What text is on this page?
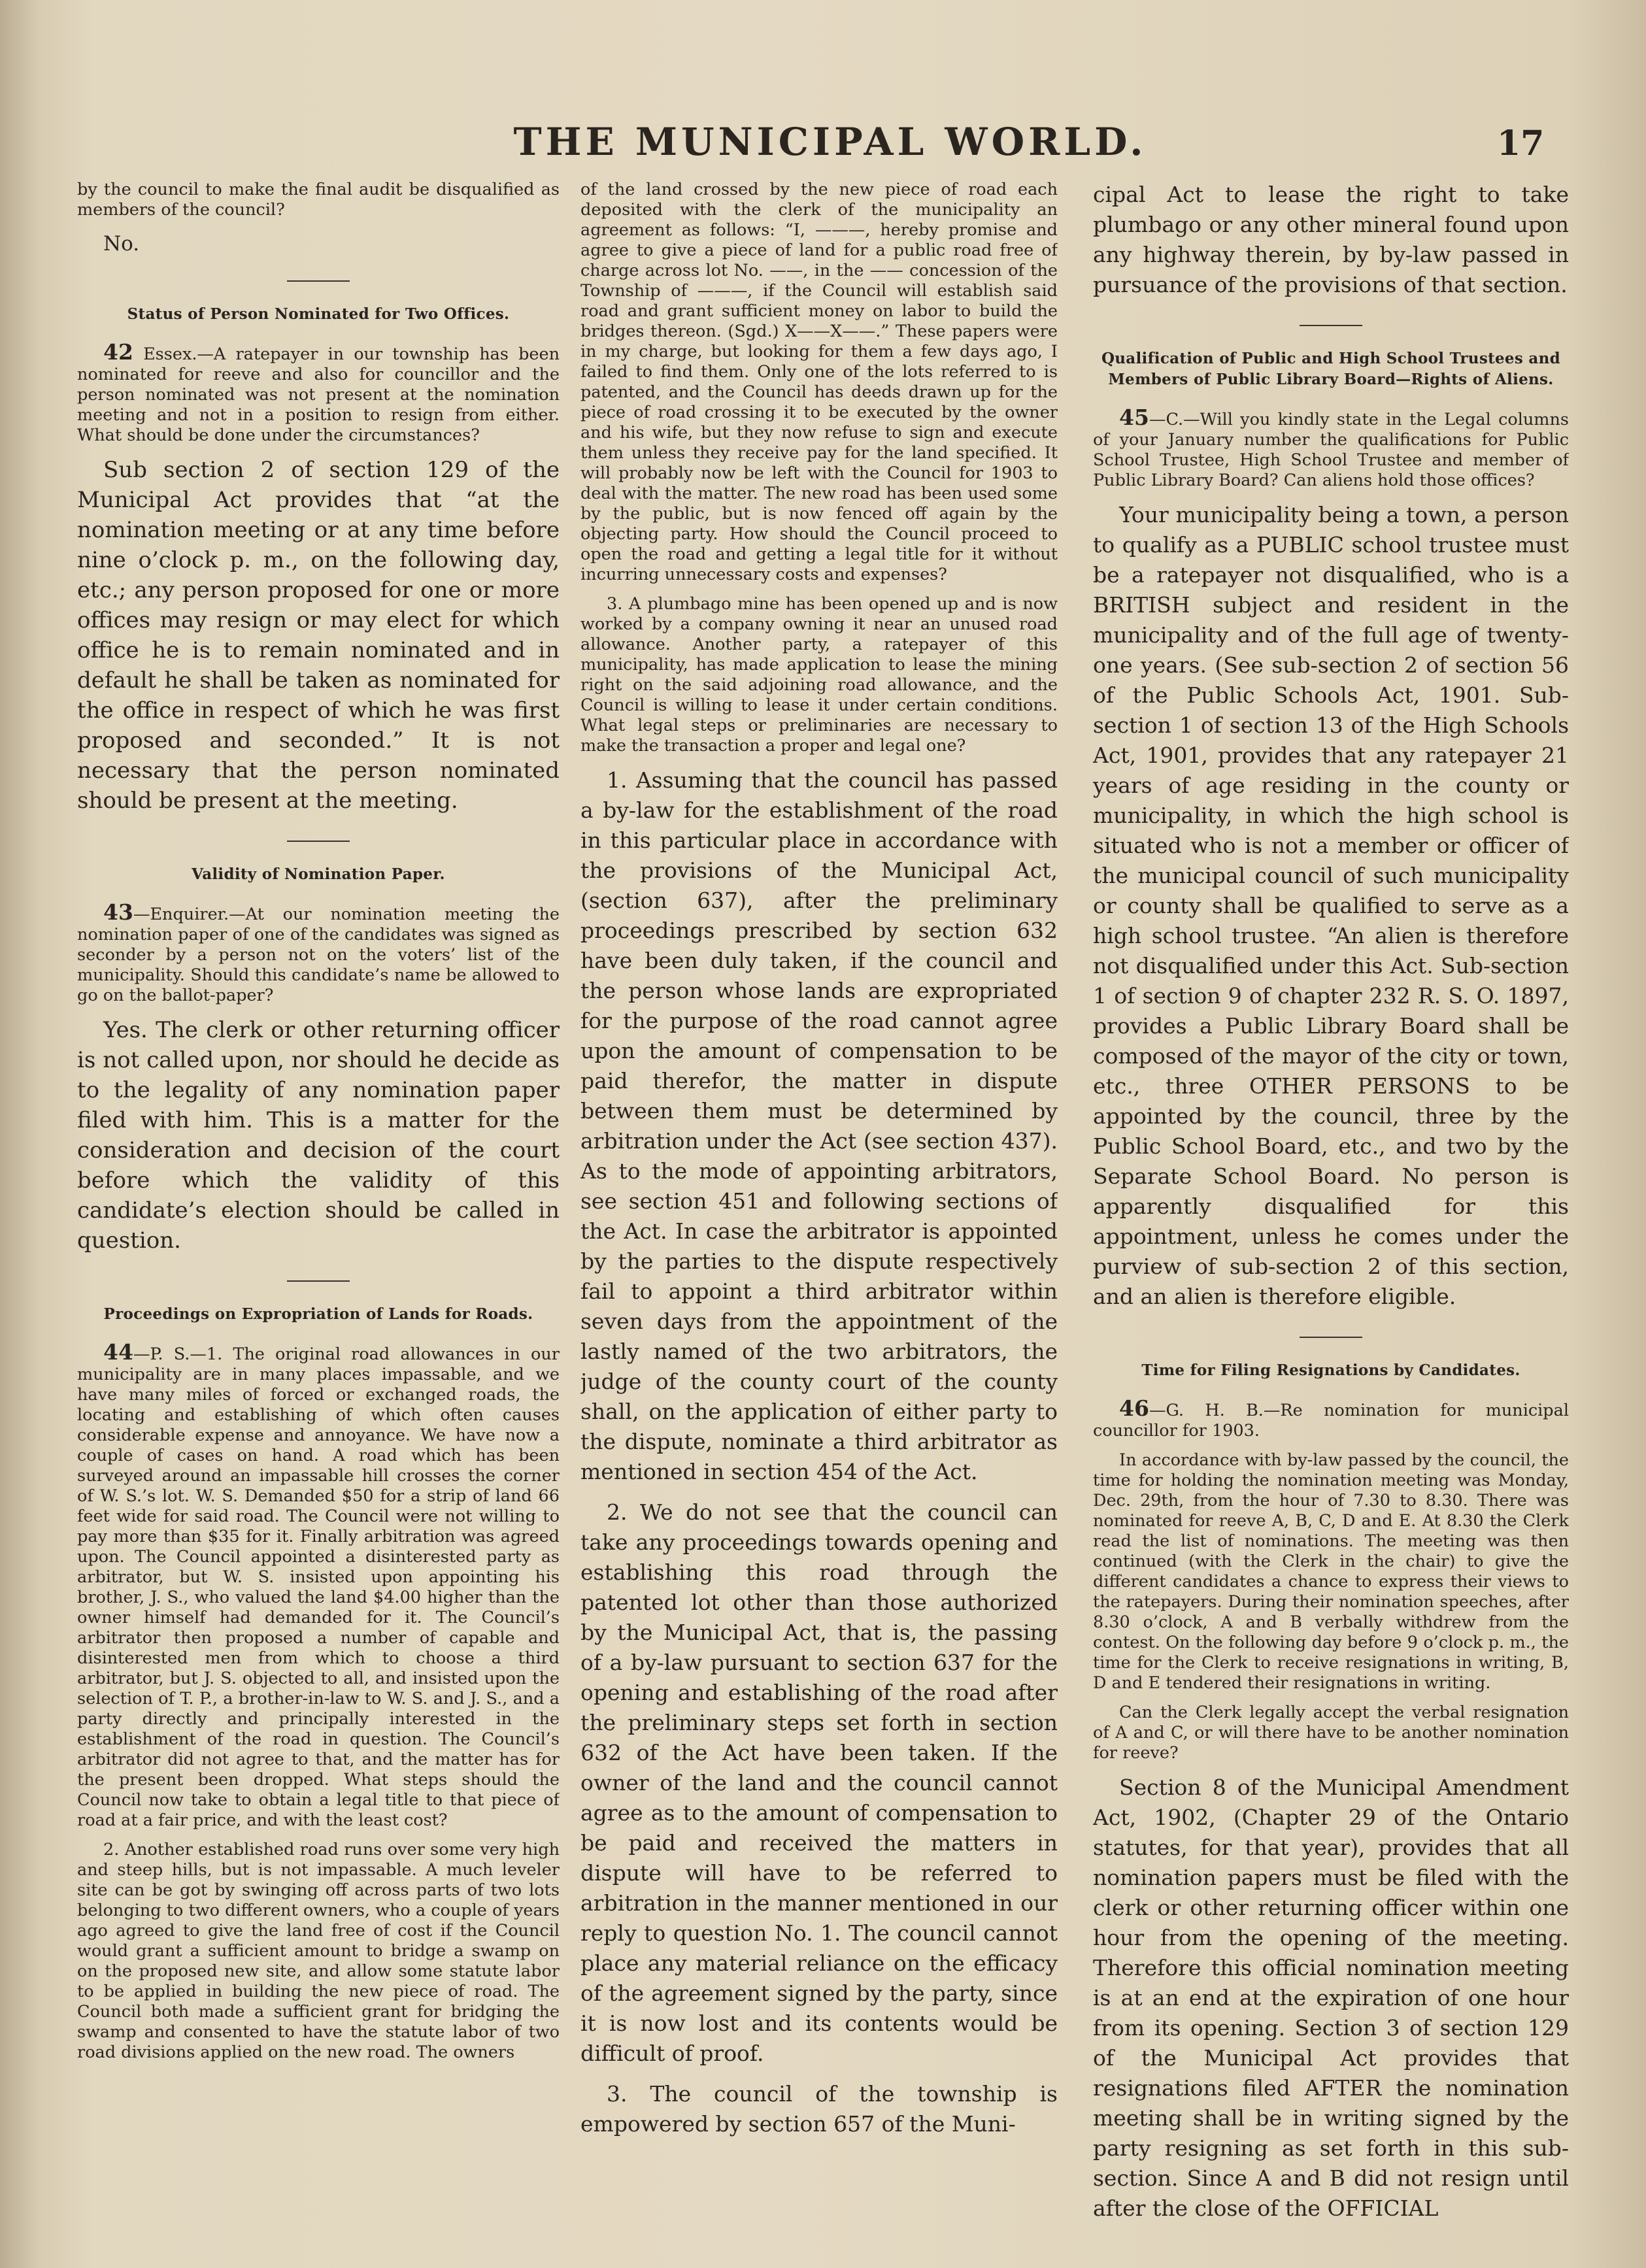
THE MUNICIPAL WORLD.	17

by the council to make the final audit be disqualified as members of the council?

No.
Status of Person Nominated for Two Offices.

42 Essex.—A ratepayer in our township has been nominated for reeve and also for councillor and the person nominated was not present at the nomination meeting and not in a position to resign from either. What should be done under the circumstances?

Sub section 2 of section 129 of the Municipal Act provides that “at the nomination meeting or at any time before nine o’clock p. m., on the following day, etc.; any person proposed for one or more offices may resign or may elect for which office he is to remain nominated and in default he shall be taken as nominated for the office in respect of which he was first proposed and seconded.” It is not necessary that the person nominated should be present at the meeting.

Validity of Nomination Paper.

43—Enquirer.—At our nomination meeting the nomination paper of one of the candidates was signed as seconder by a person not on the voters’ list of the municipality. Should this candidate’s name be allowed to go on the ballot-paper?

Yes. The clerk or other returning officer is not called upon, nor should he decide as to the legality of any nomination paper filed with him. This is a matter for the consideration and decision of the court before which the validity of this candidate’s election should be called in question.

Proceedings on Expropriation of Lands for Roads.

44—P. S.—1. The original road allowances in our municipality are in many places impassable, and we have many miles of forced or exchanged roads, the locating and establishing of which often causes considerable expense and annoyance. We have now a couple of cases on hand. A road which has been surveyed around an impassable hill crosses the corner of W. S.’s lot. W. S. Demanded $50 for a strip of land 66 feet wide for said road. The Council were not willing to pay more than $35 for it. Finally arbitration was agreed upon. The Council appointed a disinterested party as arbitrator, but W. S. insisted upon appointing his brother, J. S., who valued the land $4.00 higher than the owner himself had demanded for it. The Council’s arbitrator then proposed a number of capable and disinterested men from which to choose a third arbitrator, but J. S. objected to all, and insisted upon the selection of T. P., a brother-in-law to W. S. and J. S., and a party directly and principally interested in the establishment of the road in question. The Council’s arbitrator did not agree to that, and the matter has for the present been dropped. What steps should the Council now take to obtain a legal title to that piece of road at a fair price, and with the least cost?

2. Another established road runs over some very high and steep hills, but is not impassable. A much leveler site can be got by swinging off across parts of two lots belonging to two different owners, who a couple of years ago agreed to give the land free of cost if the Council would grant a sufficient amount to bridge a swamp on on the proposed new site, and allow some statute labor to be applied in building the new piece of road. The Council both made a sufficient grant for bridging the swamp and consented to have the statute labor of two road divisions applied on the new road. The owners

of the land crossed by the new piece of road each deposited with the clerk of the municipality an agreement as follows: “I, ———, hereby promise and agree to give a piece of land for a public road free of charge across lot No. ——, in the —— concession of the Township of ———, if the Council will establish said road and grant sufficient money on labor to build the bridges thereon. (Sgd.) X——X——.” These papers were in my charge, but looking for them a few days ago, I failed to find them. Only one of the lots referred to is patented, and the Council has deeds drawn up for the piece of road crossing it to be executed by the owner and his wife, but they now refuse to sign and execute them unless they receive pay for the land specified. It will probably now be left with the Council for 1903 to deal with the matter. The new road has been used some by the public, but is now fenced off again by the objecting party. How should the Council proceed to open the road and getting a legal title for it without incurring unnecessary costs and expenses?

3. A plumbago mine has been opened up and is now worked by a company owning it near an unused road allowance. Another party, a ratepayer of this municipality, has made application to lease the mining right on the said adjoining road allowance, and the Council is willing to lease it under certain conditions. What legal steps or preliminaries are necessary to make the transaction a proper and legal one?

1. Assuming that the council has passed a by-law for the establishment of the road in this particular place in accordance with the provisions of the Municipal Act, (section 637), after the preliminary proceedings prescribed by section 632 have been duly taken, if the council and the person whose lands are expropriated for the purpose of the road cannot agree upon the amount of compensation to be paid therefor, the matter in dispute between them must be determined by arbitration under the Act (see section 437). As to the mode of appointing arbitrators, see section 451 and following sections of the Act. In case the arbitrator is appointed by the parties to the dispute respectively fail to appoint a third arbitrator within seven days from the appointment of the lastly named of the two arbitrators, the judge of the county court of the county shall, on the application of either party to the dispute, nominate a third arbitrator as mentioned in section 454 of the Act.

2. We do not see that the council can take any proceedings towards opening and establishing this road through the patented lot other than those authorized by the Municipal Act, that is, the passing of a by-law pursuant to section 637 for the opening and establishing of the road after the preliminary steps set forth in section 632 of the Act have been taken. If the owner of the land and the council cannot agree as to the amount of compensation to be paid and received the matters in dispute will have to be referred to arbitration in the manner mentioned in our reply to question No. 1. The council cannot place any material reliance on the efficacy of the agreement signed by the party, since it is now lost and its contents would be difficult of proof.

3. The council of the township is empowered by section 657 of the Muni-

cipal Act to lease the right to take plumbago or any other mineral found upon any highway therein, by by-law passed in pursuance of the provisions of that section.

Qualification of Public and High School Trustees and Members of Public Library Board—Rights of Aliens.

45—C.—Will you kindly state in the Legal columns of your January number the qualifications for Public School Trustee, High School Trustee and member of Public Library Board? Can aliens hold those offices?

Your municipality being a town, a person to qualify as a PUBLIC school trustee must be a ratepayer not disqualified, who is a BRITISH subject and resident in the municipality and of the full age of twenty-one years. (See sub-section 2 of section 56 of the Public Schools Act, 1901. Sub-section 1 of section 13 of the High Schools Act, 1901, provides that any ratepayer 21 years of age residing in the county or municipality, in which the high school is situated who is not a member or officer of the municipal council of such municipality or county shall be qualified to serve as a high school trustee. “An alien is therefore not disqualified under this Act. Sub-section 1 of section 9 of chapter 232 R. S. O. 1897, provides a Public Library Board shall be composed of the mayor of the city or town, etc., three OTHER PERSONS to be appointed by the council, three by the Public School Board, etc., and two by the Separate School Board. No person is apparently disqualified for this appointment, unless he comes under the purview of sub-section 2 of this section, and an alien is therefore eligible.

Time for Filing Resignations by Candidates.

46—G. H. B.—Re nomination for municipal councillor for 1903.

In accordance with by-law passed by the council, the time for holding the nomination meeting was Monday, Dec. 29th, from the hour of 7.30 to 8.30. There was nominated for reeve A, B, C, D and E. At 8.30 the Clerk read the list of nominations. The meeting was then continued (with the Clerk in the chair) to give the different candidates a chance to express their views to the ratepayers. During their nomination speeches, after 8.30 o’clock, A and B verbally withdrew from the contest. On the following day before 9 o’clock p. m., the time for the Clerk to receive resignations in writing, B, D and E tendered their resignations in writing.

Can the Clerk legally accept the verbal resignation of A and C, or will there have to be another nomination for reeve?

Section 8 of the Municipal Amendment Act, 1902, (Chapter 29 of the Ontario statutes, for that year), provides that all nomination papers must be filed with the clerk or other returning officer within one hour from the opening of the meeting. Therefore this official nomination meeting is at an end at the expiration of one hour from its opening. Section 3 of section 129 of the Municipal Act provides that resignations filed AFTER the nomination meeting shall be in writing signed by the party resigning as set forth in this sub-section. Since A and B did not resign until after the close of the OFFICIAL
